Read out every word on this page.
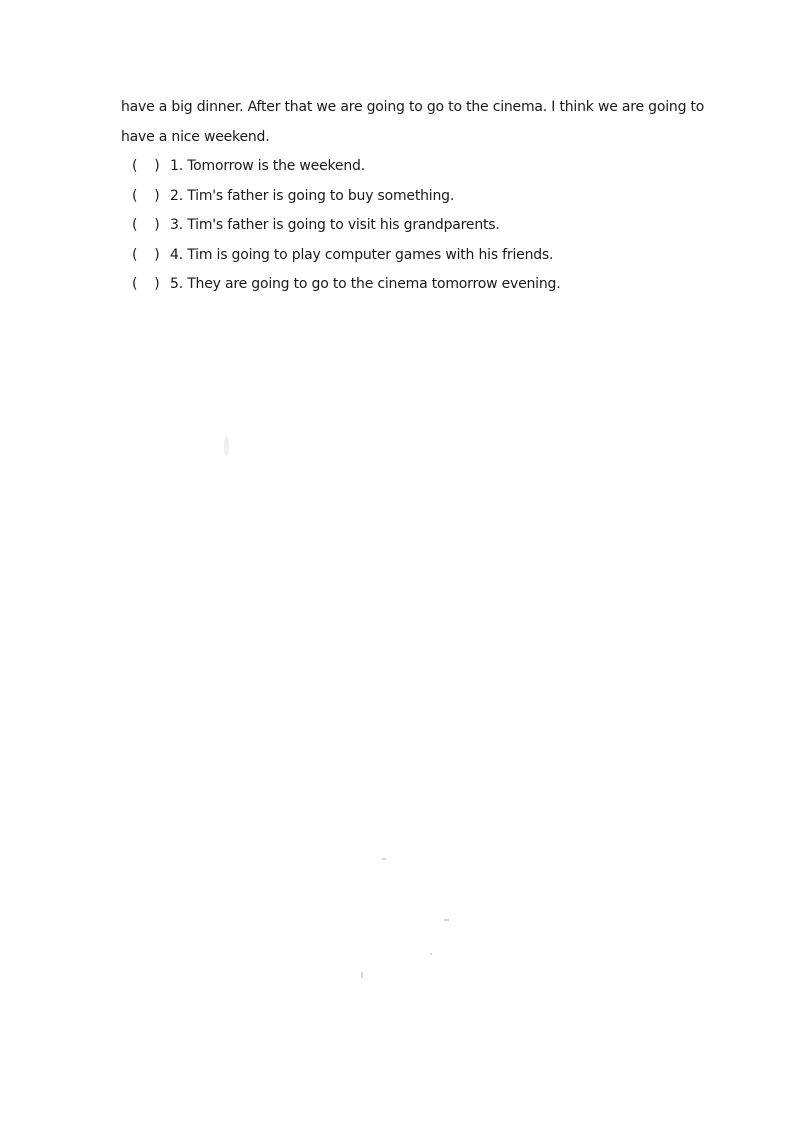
have a big dinner. After that we are going to go to the cinema. I think we are going to
have a nice weekend.
(    ) 1. Tomorrow is the weekend.
(    ) 2. Tim's father is going to buy something.
(    ) 3. Tim's father is going to visit his grandparents.
(    ) 4. Tim is going to play computer games with his friends.
(    ) 5. They are going to go to the cinema tomorrow evening.
